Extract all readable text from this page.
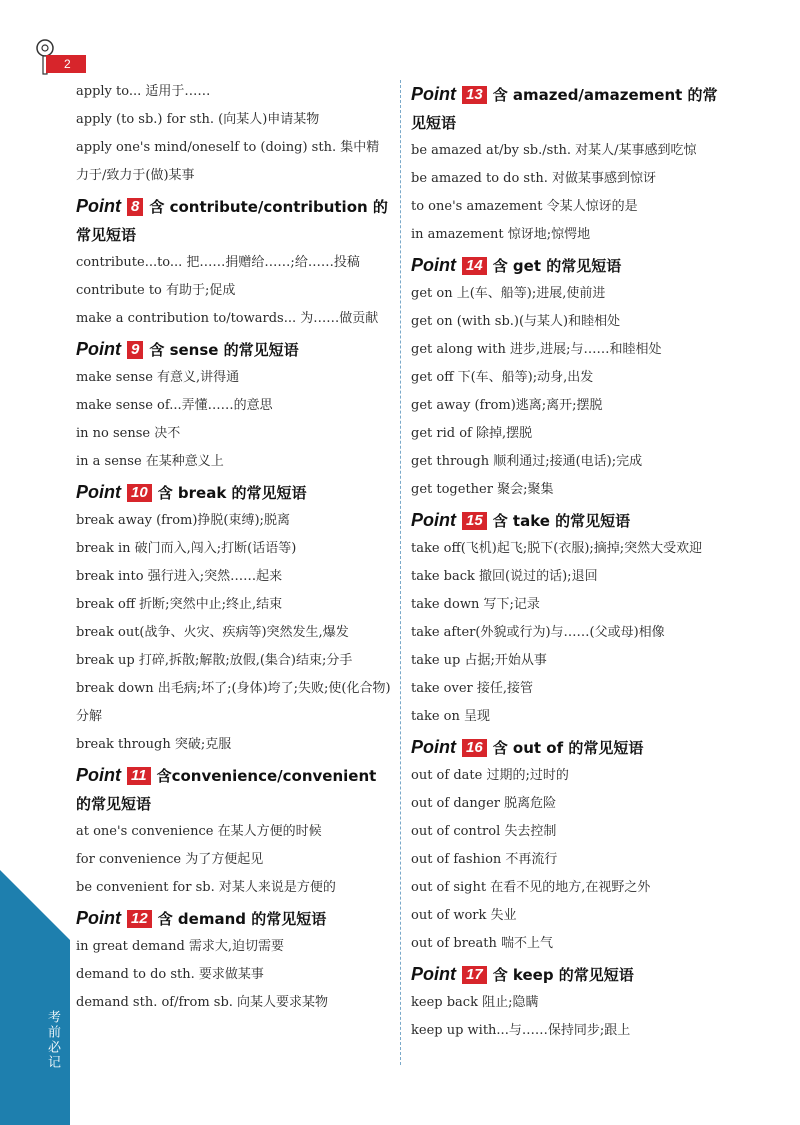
2
考前必记
apply to... 适用于……
apply (to sb.) for sth. (向某人)申请某物
apply one's mind/oneself to (doing) sth. 集中精力于/致力于(做)某事
Point 8 含 contribute/contribution 的常见短语
contribute...to... 把……捐赠给……;给……投稿
contribute to 有助于;促成
make a contribution to/towards... 为……做贡献
Point 9 含 sense 的常见短语
make sense 有意义,讲得通
make sense of...弄懂……的意思
in no sense 决不
in a sense 在某种意义上
Point 10 含 break 的常见短语
break away (from)挣脱(束缚);脱离
break in 破门而入,闯入;打断(话语等)
break into 强行进入;突然……起来
break off 折断;突然中止;终止,结束
break out(战争、火灾、疾病等)突然发生,爆发
break up 打碎,拆散;解散;放假,(集合)结束;分手
break down 出毛病;坏了;(身体)垮了;失败;使(化合物)分解
break through 突破;克服
Point 11 含convenience/convenient 的常见短语
at one's convenience 在某人方便的时候
for convenience 为了方便起见
be convenient for sb. 对某人来说是方便的
Point 12 含 demand 的常见短语
in great demand 需求大,迫切需要
demand to do sth. 要求做某事
demand sth. of/from sb. 向某人要求某物
Point 13 含 amazed/amazement 的常见短语
be amazed at/by sb./sth. 对某人/某事感到吃惊
be amazed to do sth. 对做某事感到惊讶
to one's amazement 令某人惊讶的是
in amazement 惊讶地;惊愕地
Point 14 含 get 的常见短语
get on 上(车、船等);进展,使前进
get on (with sb.)(与某人)和睦相处
get along with 进步,进展;与……和睦相处
get off 下(车、船等);动身,出发
get away (from)逃离;离开;摆脱
get rid of 除掉,摆脱
get through 顺利通过;接通(电话);完成
get together 聚会;聚集
Point 15 含 take 的常见短语
take off(飞机)起飞;脱下(衣服);摘掉;突然大受欢迎
take back 撤回(说过的话);退回
take down 写下;记录
take after(外貌或行为)与……(父或母)相像
take up 占据;开始从事
take over 接任,接管
take on 呈现
Point 16 含 out of 的常见短语
out of date 过期的;过时的
out of danger 脱离危险
out of control 失去控制
out of fashion 不再流行
out of sight 在看不见的地方,在视野之外
out of work 失业
out of breath 喘不上气
Point 17 含 keep 的常见短语
keep back 阻止;隐瞒
keep up with...与……保持同步;跟上
